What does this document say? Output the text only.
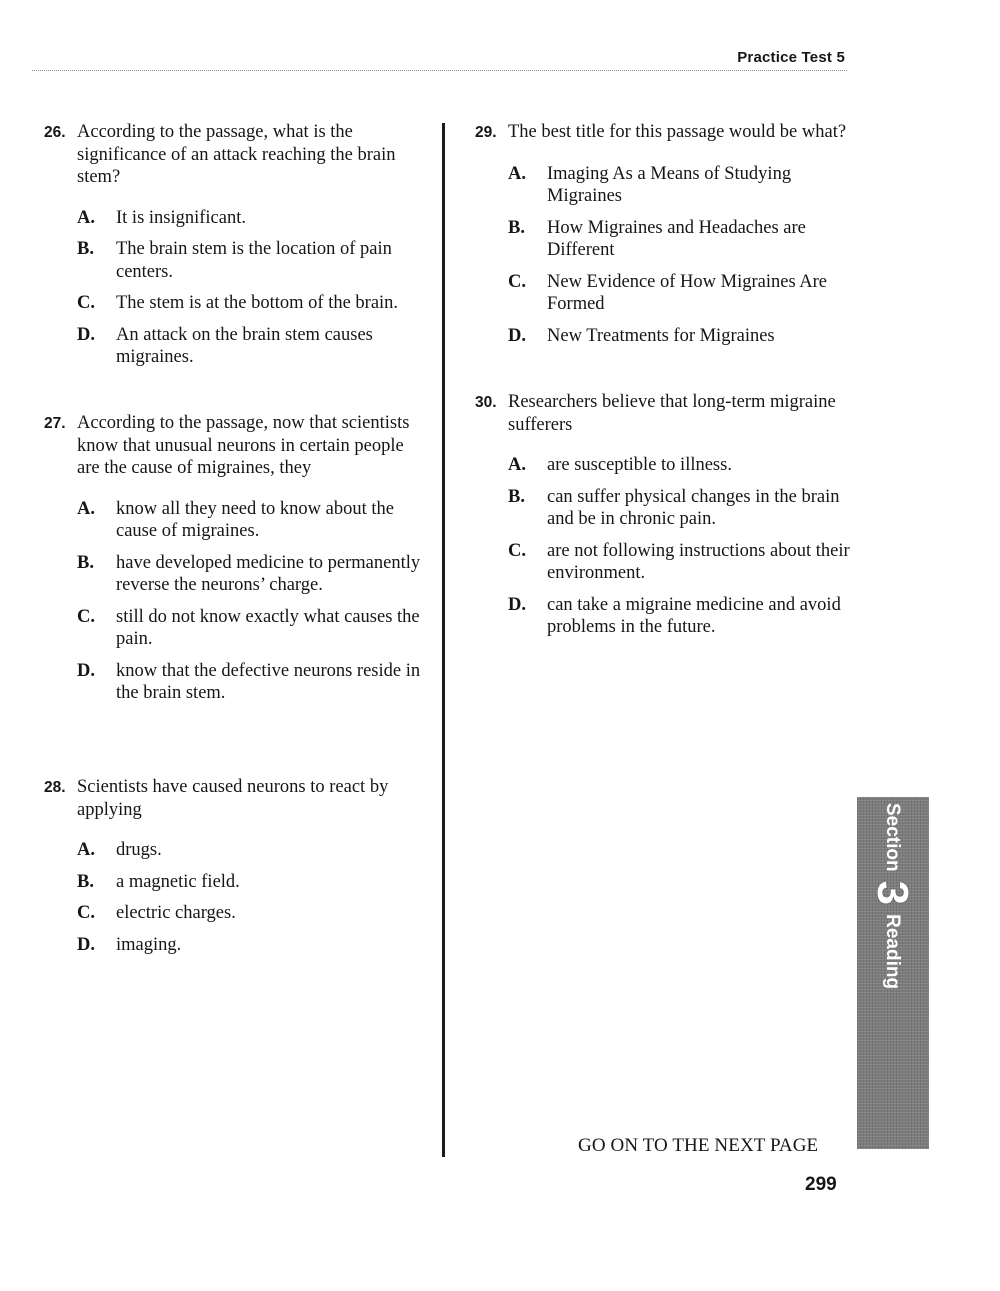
Practice Test 5
26. According to the passage, what is the significance of an attack reaching the brain stem?
A.	It is insignificant.
B.	The brain stem is the location of pain centers.
C.	The stem is at the bottom of the brain.
D.	An attack on the brain stem causes migraines.
27. According to the passage, now that scientists know that unusual neurons in certain people are the cause of migraines, they
A.	know all they need to know about the cause of migraines.
B.	have developed medicine to permanently reverse the neurons’ charge.
C.	still do not know exactly what causes the pain.
D.	know that the defective neurons reside in the brain stem.
28. Scientists have caused neurons to react by applying
A.	drugs.
B.	a magnetic field.
C.	electric charges.
D.	imaging.
29. The best title for this passage would be what?
A.	Imaging As a Means of Studying Migraines
B.	How Migraines and Headaches are Different
C.	New Evidence of How Migraines Are Formed
D.	New Treatments for Migraines
30. Researchers believe that long-term migraine sufferers
A.	are susceptible to illness.
B.	can suffer physical changes in the brain and be in chronic pain.
C.	are not following instructions about their environment.
D.	can take a migraine medicine and avoid problems in the future.
GO ON TO THE NEXT PAGE
299
Section
3
Reading
